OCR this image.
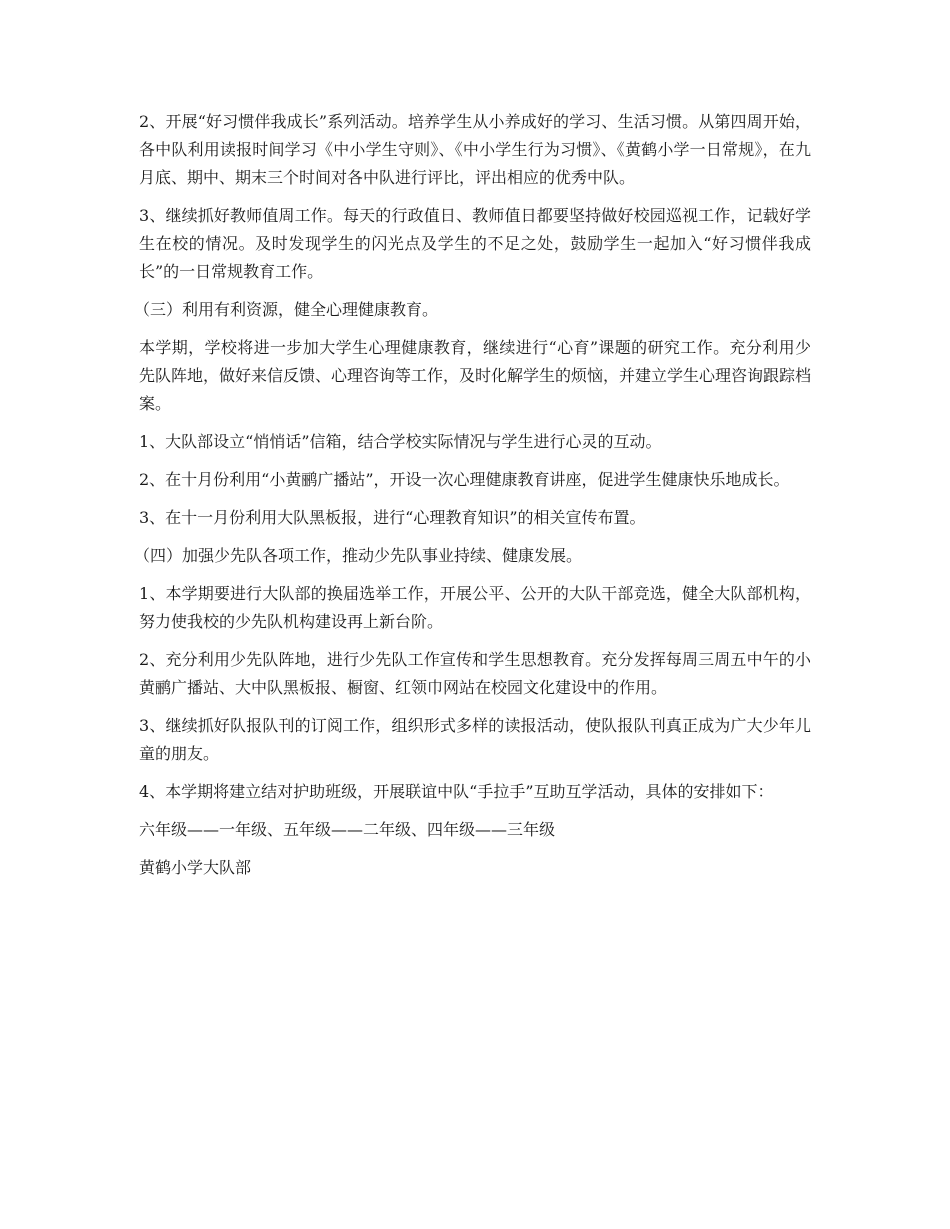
2、开展“好习惯伴我成长”系列活动。培养学生从小养成好的学习、生活习惯。从第四周开始，各中队利用读报时间学习《中小学生守则》、《中小学生行为习惯》、《黄鹤小学一日常规》，在九月底、期中、期末三个时间对各中队进行评比，评出相应的优秀中队。

3、继续抓好教师值周工作。每天的行政值日、教师值日都要坚持做好校园巡视工作，记载好学生在校的情况。及时发现学生的闪光点及学生的不足之处，鼓励学生一起加入“好习惯伴我成长”的一日常规教育工作。

（三）利用有利资源，健全心理健康教育。

本学期，学校将进一步加大学生心理健康教育，继续进行“心育”课题的研究工作。充分利用少先队阵地，做好来信反馈、心理咨询等工作，及时化解学生的烦恼，并建立学生心理咨询跟踪档案。

1、大队部设立“悄悄话”信箱，结合学校实际情况与学生进行心灵的互动。

2、在十月份利用“小黄鹂广播站”，开设一次心理健康教育讲座，促进学生健康快乐地成长。

3、在十一月份利用大队黑板报，进行“心理教育知识”的相关宣传布置。

（四）加强少先队各项工作，推动少先队事业持续、健康发展。

1、本学期要进行大队部的换届选举工作，开展公平、公开的大队干部竞选，健全大队部机构，努力使我校的少先队机构建设再上新台阶。

2、充分利用少先队阵地，进行少先队工作宣传和学生思想教育。充分发挥每周三周五中午的小黄鹂广播站、大中队黑板报、橱窗、红领巾网站在校园文化建设中的作用。

3、继续抓好队报队刊的订阅工作，组织形式多样的读报活动，使队报队刊真正成为广大少年儿童的朋友。

4、本学期将建立结对护助班级，开展联谊中队“手拉手”互助互学活动，具体的安排如下：

六年级——一年级、五年级——二年级、四年级——三年级

黄鹤小学大队部
